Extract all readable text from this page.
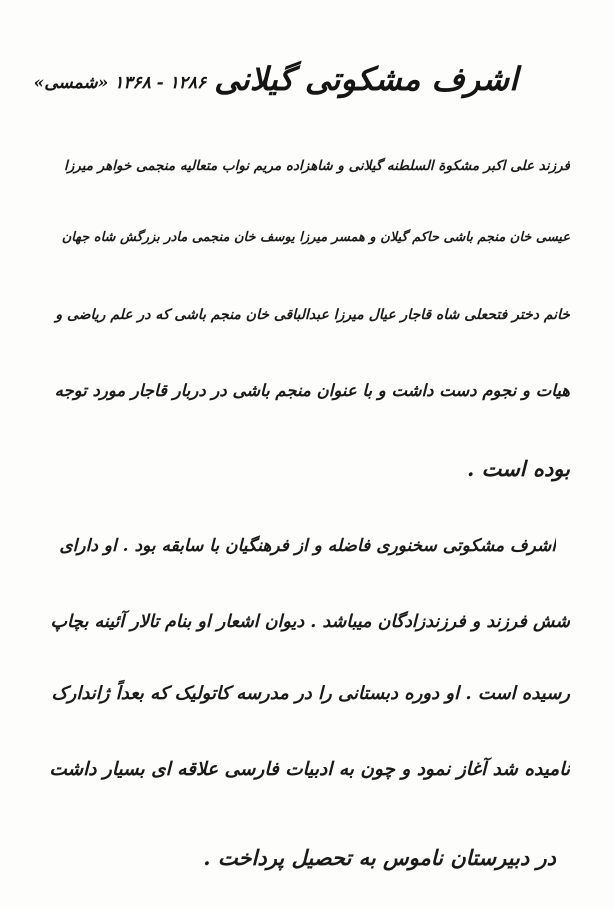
اشرف مشکوتی گیلانی
۱۲۸۶ - ۱۳۶۸ «شمسی»
فرزند علی اکبر مشکوة السلطنه گیلانی و شاهزاده مریم نواب متعالیه منجمی خواهر میرزا
عیسی خان منجم باشی حاکم گیلان و همسر میرزا یوسف خان منجمی مادر بزرگش شاه جهان
خانم دختر فتحعلی شاه قاجار عیال میرزا عبدالباقی خان منجم باشی که در علم ریاضی و
هیات و نجوم دست داشت و با عنوان منجم باشی در دربار قاجار مورد توجه
بوده است .
اشرف مشکوتی سخنوری فاضله و از فرهنگیان با سابقه بود . او دارای
شش فرزند و فرزندزادگان میباشد . دیوان اشعار او بنام تالار آئینه بچاپ
رسیده است . او دوره دبستانی را در مدرسه کاتولیک که بعداً ژاندارک
نامیده شد آغاز نمود و چون به ادبیات فارسی علاقه ای بسیار داشت
در دبیرستان ناموس به تحصیل پرداخت .
